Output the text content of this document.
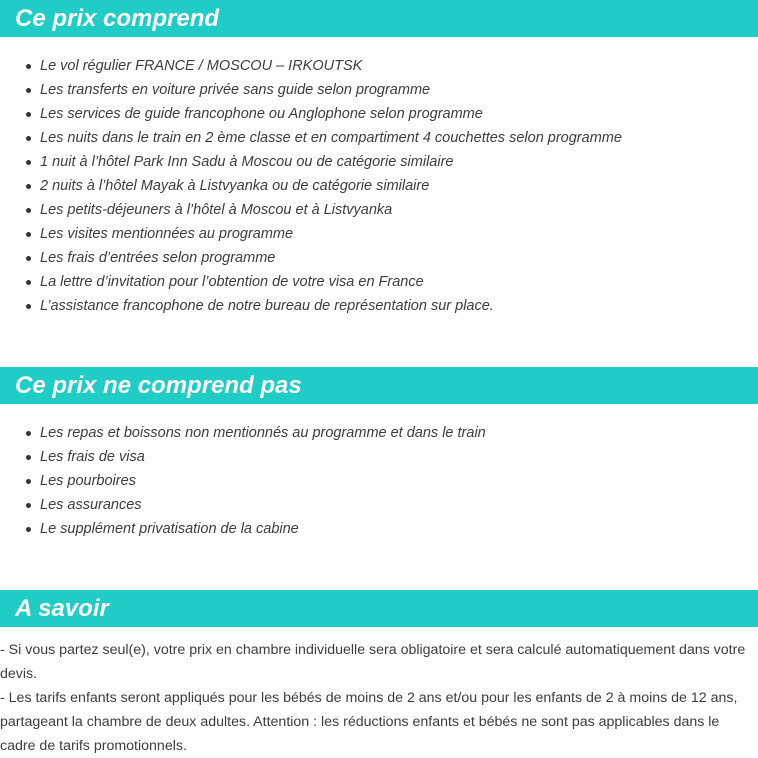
Ce prix comprend
Le vol régulier FRANCE / MOSCOU – IRKOUTSK
Les transferts en voiture privée sans guide selon programme
Les services de guide francophone ou Anglophone selon programme
Les nuits dans le train en 2 ème classe et en compartiment 4 couchettes selon programme
1 nuit à l’hôtel Park Inn Sadu à Moscou ou de catégorie similaire
2 nuits à l’hôtel Mayak à Listvyanka ou de catégorie similaire
Les petits-déjeuners à l’hôtel à Moscou et à Listvyanka
Les visites mentionnées au programme
Les frais d’entrées selon programme
La lettre d’invitation pour l’obtention de votre visa en France
L’assistance francophone de notre bureau de représentation sur place.
Ce prix ne comprend pas
Les repas et boissons non mentionnés au programme et dans le train
Les frais de visa
Les pourboires
Les assurances
Le supplément privatisation de la cabine
A savoir

- Si vous partez seul(e), votre prix en chambre individuelle sera obligatoire et sera calculé automatiquement dans votre devis.

- Les tarifs enfants seront appliqués pour les bébés de moins de 2 ans et/ou pour les enfants de 2 à moins de 12 ans, partageant la chambre de deux adultes. Attention : les réductions enfants et bébés ne sont pas applicables dans le cadre de tarifs promotionnels.
